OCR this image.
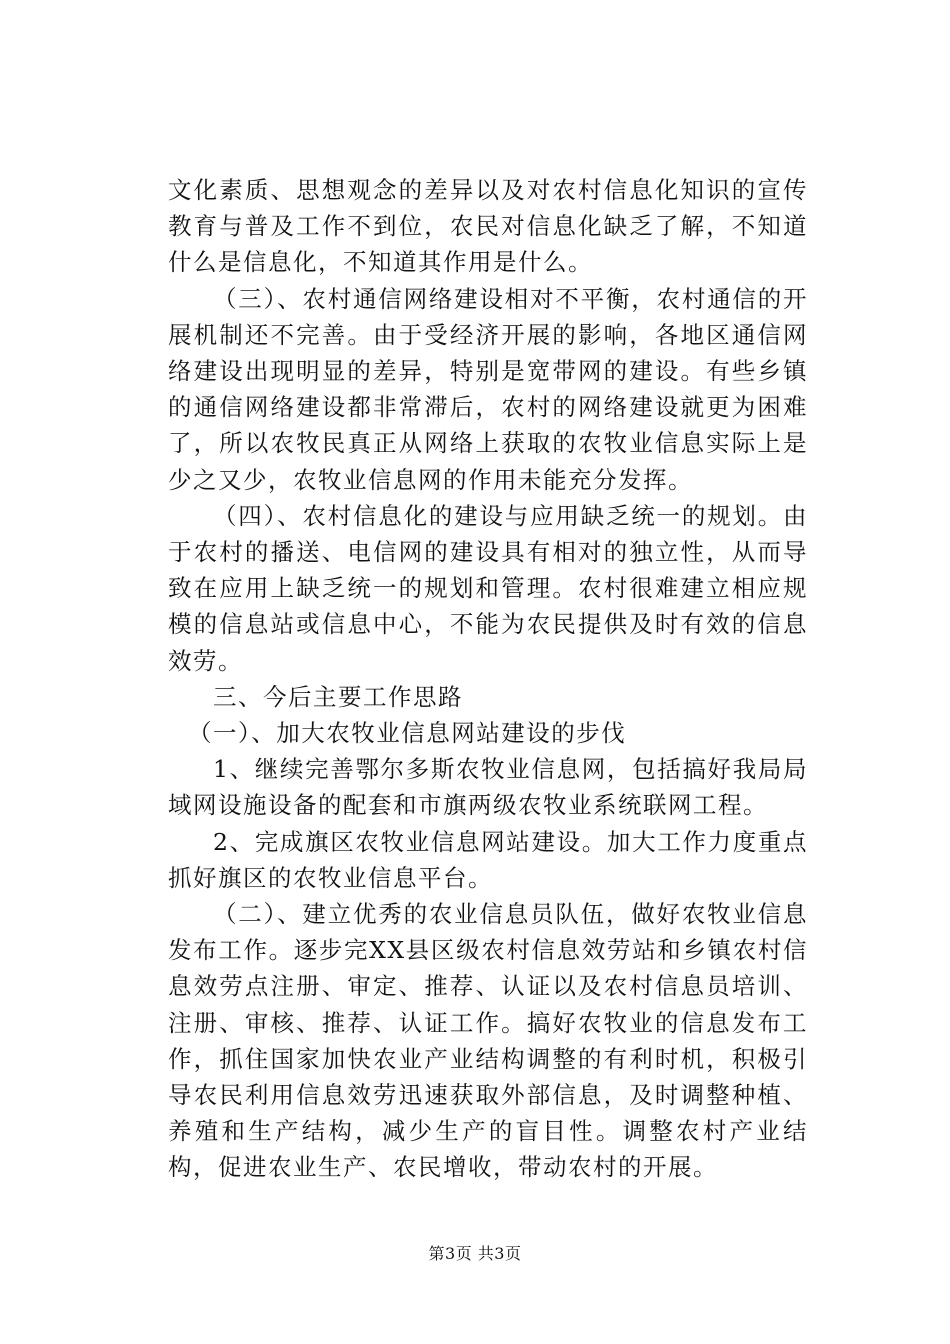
文化素质、思想观念的差异以及对农村信息化知识的宣传教育与普及工作不到位，农民对信息化缺乏了解，不知道什么是信息化，不知道其作用是什么。

（三）、农村通信网络建设相对不平衡，农村通信的开展机制还不完善。由于受经济开展的影响，各地区通信网络建设出现明显的差异，特别是宽带网的建设。有些乡镇的通信网络建设都非常滞后，农村的网络建设就更为困难了，所以农牧民真正从网络上获取的农牧业信息实际上是少之又少，农牧业信息网的作用未能充分发挥。

（四）、农村信息化的建设与应用缺乏统一的规划。由于农村的播送、电信网的建设具有相对的独立性，从而导致在应用上缺乏统一的规划和管理。农村很难建立相应规模的信息站或信息中心，不能为农民提供及时有效的信息效劳。

三、今后主要工作思路

（一）、加大农牧业信息网站建设的步伐

1、继续完善鄂尔多斯农牧业信息网，包括搞好我局局域网设施设备的配套和市旗两级农牧业系统联网工程。

2、完成旗区农牧业信息网站建设。加大工作力度重点抓好旗区的农牧业信息平台。

（二）、建立优秀的农业信息员队伍，做好农牧业信息发布工作。逐步完XX县区级农村信息效劳站和乡镇农村信息效劳点注册、审定、推荐、认证以及农村信息员培训、注册、审核、推荐、认证工作。搞好农牧业的信息发布工作，抓住国家加快农业产业结构调整的有利时机，积极引导农民利用信息效劳迅速获取外部信息，及时调整种植、养殖和生产结构，减少生产的盲目性。调整农村产业结构，促进农业生产、农民增收，带动农村的开展。

第3页 共3页
